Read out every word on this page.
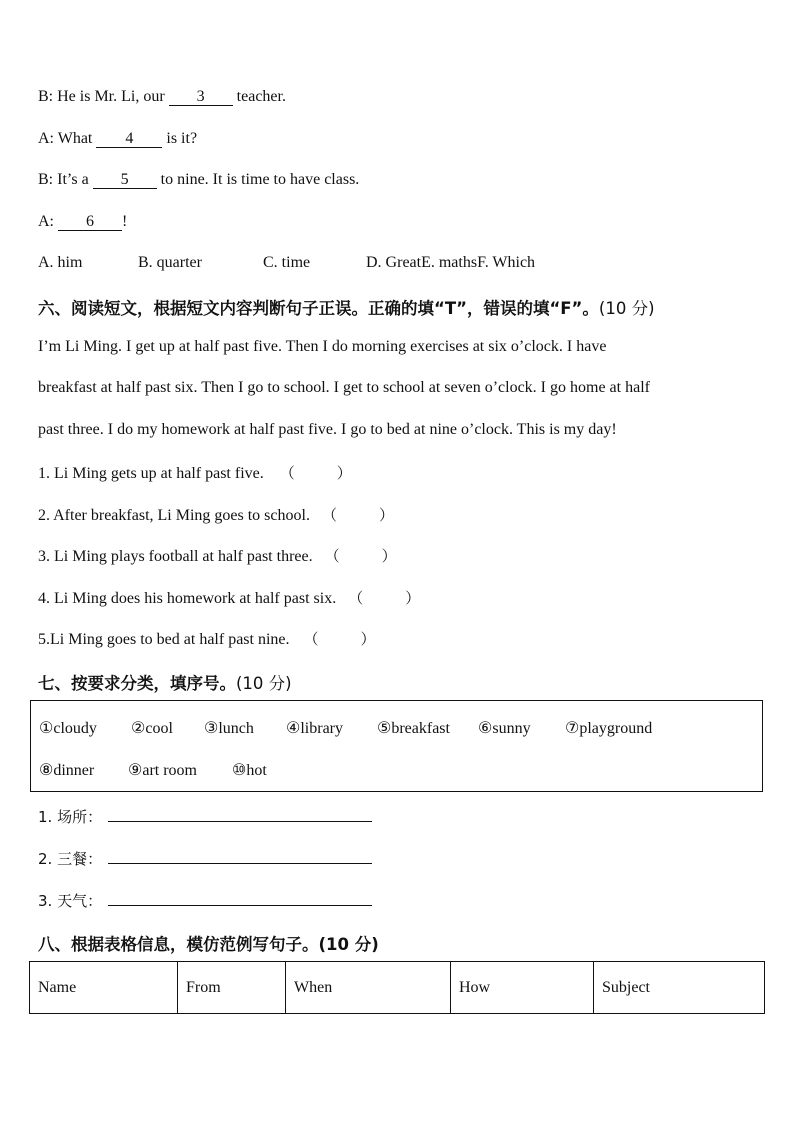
B: He is Mr. Li, our 3 teacher.
A: What 4 is it?
B: It’s a 5 to nine. It is time to have class.
A: 6 !
A. him	B. quarter	C. time	D. GreatE. mathsF. Which
六、阅读短文，根据短文内容判断句子正误。正确的填“T”，错误的填“F”。(10 分)
I’m Li Ming. I get up at half past five. Then I do morning exercises at six o’clock. I have
breakfast at half past six. Then I go to school. I get to school at seven o’clock. I go home at half
past three. I do my homework at half past five. I go to bed at nine o’clock. This is my day!
1. Li Ming gets up at half past five. （	）
2. After breakfast, Li Ming goes to school. （	）
3. Li Ming plays football at half past three. （	）
4. Li Ming does his homework at half past six. （	）
5.Li Ming goes to bed at half past nine. （	）
七、按要求分类，填序号。(10 分)
①cloudy ②cool ③lunch ④library ⑤breakfast ⑥sunny ⑦playground
⑧dinner ⑨art room ⑩hot
1. 场所：
2. 三餐：
3. 天气：
八、根据表格信息，模仿范例写句子。(10 分)
Name	From	When	How	Subject
